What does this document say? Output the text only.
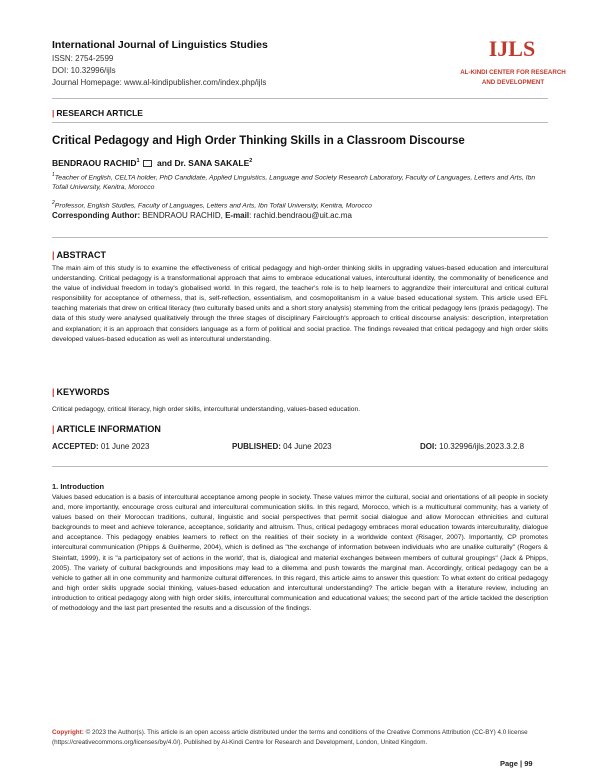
International Journal of Linguistics Studies
ISSN: 2754-2599
DOI: 10.32996/ijls
Journal Homepage: www.al-kindipublisher.com/index.php/ijls
IJLS
AL-KINDI CENTER FOR RESEARCH
AND DEVELOPMENT
| RESEARCH ARTICLE
Critical Pedagogy and High Order Thinking Skills in a Classroom Discourse
BENDRAOU RACHID$^1$ and Dr. SANA SAKALE$^2$
$^1$Teacher of English, CELTA holder, PhD Candidate, Applied Linguistics, Language and Society Research Laboratory, Faculty of Languages, Letters and Arts, Ibn Tofail University, Kenitra, Morocco
$^2$Professor, English Studies, Faculty of Languages, Letters and Arts, Ibn Tofail University, Kenitra, Morocco
Corresponding Author: BENDRAOU RACHID, E-mail: rachid.bendraou@uit.ac.ma
| ABSTRACT
The main aim of this study is to examine the effectiveness of critical pedagogy and high-order thinking skills in upgrading values-based education and intercultural understanding. Critical pedagogy is a transformational approach that aims to embrace educational values, intercultural identity, the commonality of beneficence and the value of individual freedom in today's globalised world. In this regard, the teacher's role is to help learners to aggrandize their intercultural and critical cultural responsibility for acceptance of otherness, that is, self-reflection, essentialism, and cosmopolitanism in a value based educational system. This article used EFL teaching materials that drew on critical literacy (two culturally based units and a short story analysis) stemming from the critical pedagogy lens (praxis pedagogy). The data of this study were analysed qualitatively through the three stages of disciplinary Fairclough's approach to critical discourse analysis: description, interpretation and explanation; it is an approach that considers language as a form of political and social practice. The findings revealed that critical pedagogy and high order skills developed values-based education as well as intercultural understanding.
| KEYWORDS
Critical pedagogy, critical literacy, high order skills, intercultural understanding, values-based education.
| ARTICLE INFORMATION
ACCEPTED: 01 June 2023	PUBLISHED: 04 June 2023	DOI: 10.32996/ijls.2023.3.2.8
1. Introduction
Values based education is a basis of intercultural acceptance among people in society. These values mirror the cultural, social and orientations of all people in society and, more importantly, encourage cross cultural and intercultural communication skills. In this regard, Morocco, which is a multicultural community, has a variety of values based on their Moroccan traditions, cultural, linguistic and social perspectives that permit social dialogue and allow Moroccan ethnicities and cultural backgrounds to meet and achieve tolerance, acceptance, solidarity and altruism. Thus, critical pedagogy embraces moral education towards interculturality, dialogue and acceptance. This pedagogy enables learners to reflect on the realities of their society in a worldwide context (Risager, 2007). Importantly, CP promotes intercultural communication (Phipps & Guilherme, 2004), which is defined as "the exchange of information between individuals who are unalike culturally" (Rogers & Steinfatt, 1999), it is "a participatory set of actions in the world', that is, dialogical and material exchanges between members of cultural groupings" (Jack & Phipps, 2005). The variety of cultural backgrounds and impositions may lead to a dilemma and push towards the marginal man. Accordingly, critical pedagogy can be a vehicle to gather all in one community and harmonize cultural differences. In this regard, this article aims to answer this question: To what extent do critical pedagogy and high order skills upgrade social thinking, values-based education and intercultural understanding? The article began with a literature review, including an introduction to critical pedagogy along with high order skills, intercultural communication and educational values; the second part of the article tackled the description of methodology and the last part presented the results and a discussion of the findings.
Copyright: © 2023 the Author(s). This article is an open access article distributed under the terms and conditions of the Creative Commons Attribution (CC-BY) 4.0 license (https://creativecommons.org/licenses/by/4.0/). Published by Al-Kindi Centre for Research and Development, London, United Kingdom.
Page | 99
